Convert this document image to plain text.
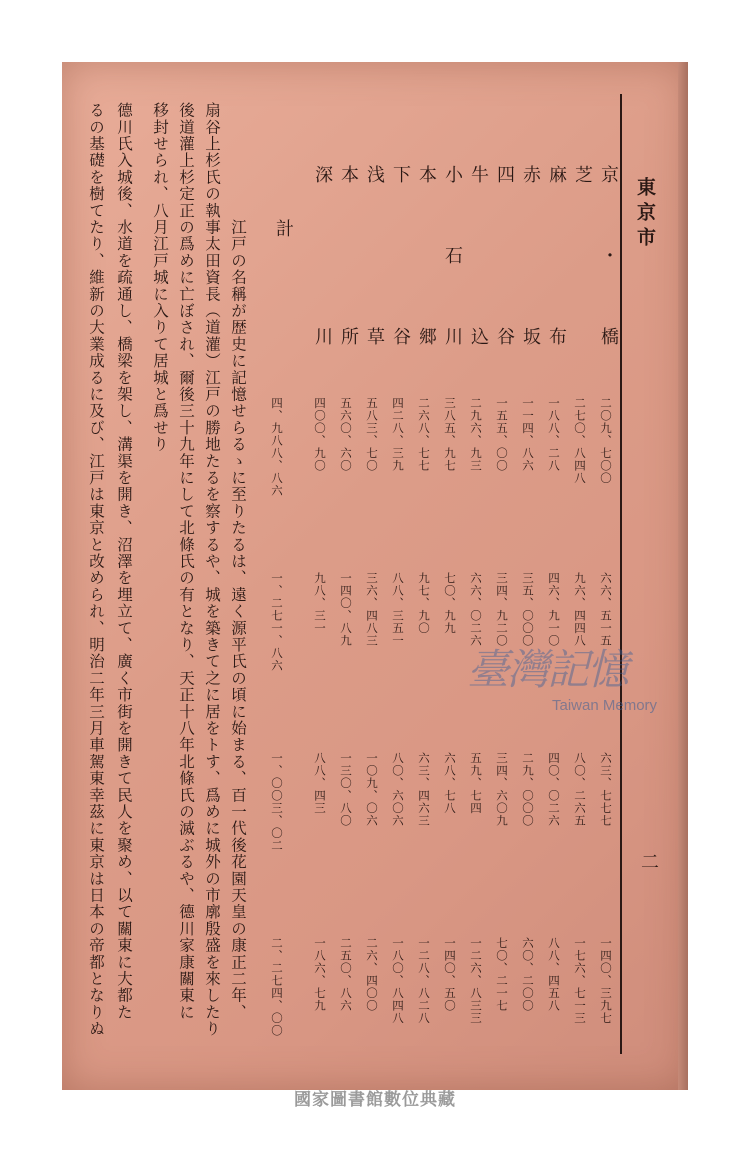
東京市
二
京　・　橋
二〇九、七〇〇
六六、五一五
六三、七七七
一四〇、三九七
芝　　　　
二七〇、八四八
九六、四四八
八〇、二六五
一七六、七一三
麻　　布
一八八、二八
四六、九一〇
四〇、〇二六
八八、四五八
赤　　坂
一一四、八六
三五、〇〇〇
二九、〇〇〇
六〇、二〇〇
四　　谷
一五五、〇〇
三四、九二〇
三四、六〇九
七〇、二一七
牛　　込
二九六、九三
六六、〇二六
五九、七四
一二六、八三三
小　石　川
三八五、九七
七〇、九九
六八、七八
一四〇、五〇
本　　郷
二六八、七七
九七、九〇
六三、四六三
一二八、八二八
下　　谷
四二八、三九
八八、三五一
八〇、六〇六
一八〇、八四八
浅　　草
五八三、七〇
三六、四八三
一〇九、〇六
二六、四〇〇
本　　所
五六〇、六〇
一四〇、八九
一三〇、八〇
二五〇、八六
深　　川
四〇〇、九〇
九八、三一
八八、四三
一八六、七九
計
四、九八八、八六
一、二七一、八六
一、〇〇三、〇二
二、二七四、〇〇
　　　　　　　江戸の名稱が歴史に記憶せらるゝに至りたるは、遠く源平氏の頃に始まる、百一代後花園天皇の康正二年、
扇谷上杉氏の執事太田資長（道灌）江戸の勝地たるを察するや、城を築きて之に居をトす、爲めに城外の市廓殷盛を來したり
後道灌上杉定正の爲めに亡ぼされ、爾後三十九年にして北條氏の有となり、天正十八年北條氏の滅ぶるや、德川家康關東に
移封せられ、八月江戸城に入りて居城と爲せり
德川氏入城後、水道を疏通し、橋梁を架し、溝渠を開き、沼澤を埋立て、廣く市街を開きて民人を聚め、以て關東に大都た
るの基礎を樹てたり、維新の大業成るに及び、江戸は東京と改められ、明治二年三月車駕東幸茲に東京は日本の帝都となりぬ	臺灣記憶
Taiwan Memory
國家圖書館數位典藏
